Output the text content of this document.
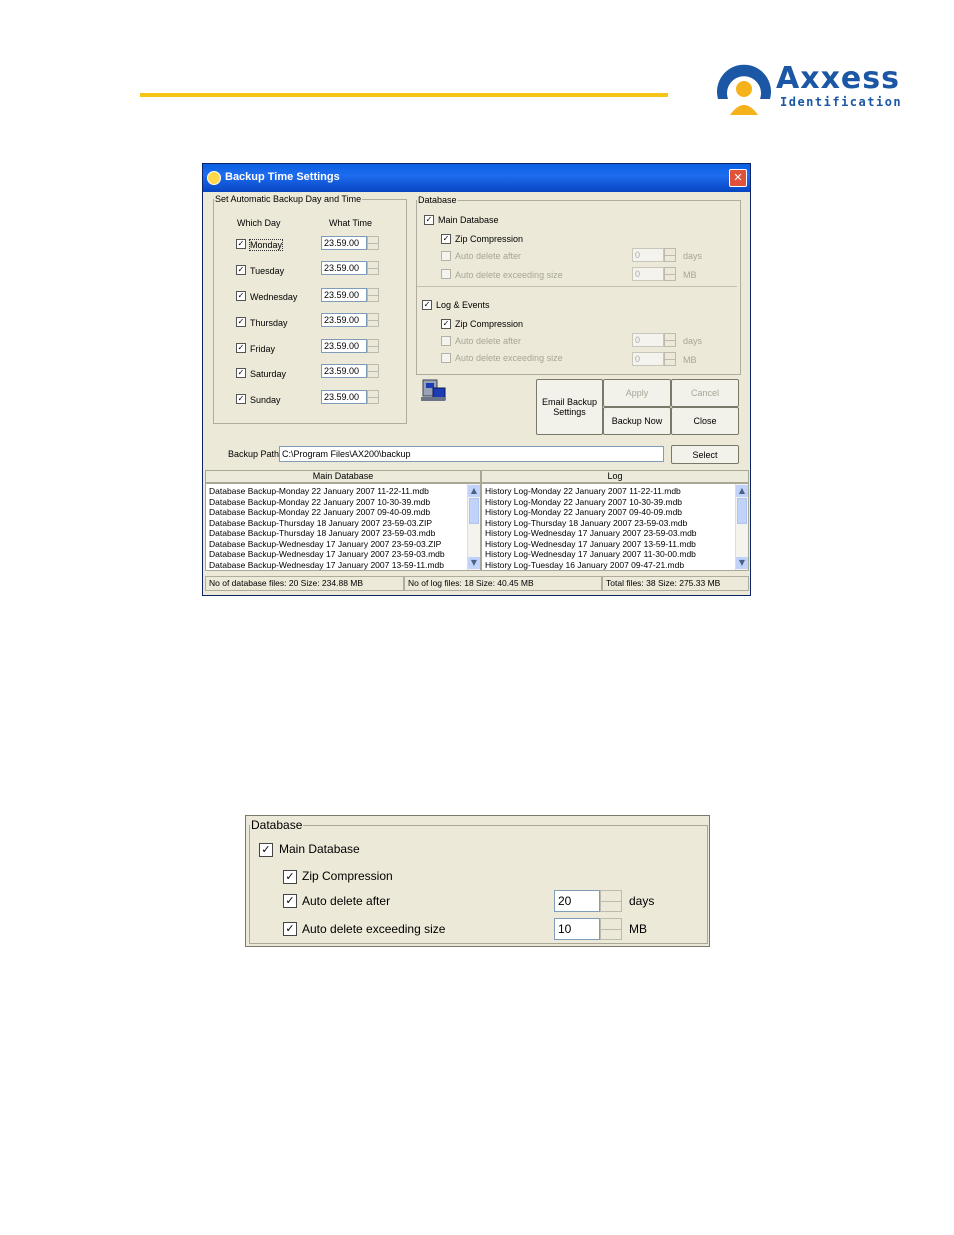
Axxess
Identification
Backup Time Settings	✕
Set Automatic Backup Day and Time
Which Day	What Time
✓ Monday	23.59.00
✓ Tuesday	23.59.00
✓ Wednesday	23.59.00
✓ Thursday	23.59.00
✓ Friday	23.59.00
✓ Saturday	23.59.00
✓ Sunday	23.59.00
Database
✓ Main Database
✓ Zip Compression
Auto delete after	0	days
Auto delete exceeding size	0	MB
✓ Log & Events
✓ Zip Compression
Auto delete after	0	days
Auto delete exceeding size	0	MB
Email Backup Settings
Apply	Cancel
Backup Now	Close
Backup Path C:\Program Files\AX200\backup	Select
Main Database
Database Backup-Monday 22 January 2007 11-22-11.mdb
Database Backup-Monday 22 January 2007 10-30-39.mdb
Database Backup-Monday 22 January 2007 09-40-09.mdb
Database Backup-Thursday 18 January 2007 23-59-03.ZIP
Database Backup-Thursday 18 January 2007 23-59-03.mdb
Database Backup-Wednesday 17 January 2007 23-59-03.ZIP
Database Backup-Wednesday 17 January 2007 23-59-03.mdb
Database Backup-Wednesday 17 January 2007 13-59-11.mdb
▲
▼
Log
History Log-Monday 22 January 2007 11-22-11.mdb
History Log-Monday 22 January 2007 10-30-39.mdb
History Log-Monday 22 January 2007 09-40-09.mdb
History Log-Thursday 18 January 2007 23-59-03.mdb
History Log-Wednesday 17 January 2007 23-59-03.mdb
History Log-Wednesday 17 January 2007 13-59-11.mdb
History Log-Wednesday 17 January 2007 11-30-00.mdb
History Log-Tuesday 16 January 2007 09-47-21.mdb
▲
▼
No of database files: 20 Size: 234.88 MB	No of log files: 18 Size: 40.45 MB	Total files: 38 Size: 275.33 MB
Database
✓ Main Database
✓ Zip Compression
✓ Auto delete after	20	days
✓ Auto delete exceeding size	10	MB
